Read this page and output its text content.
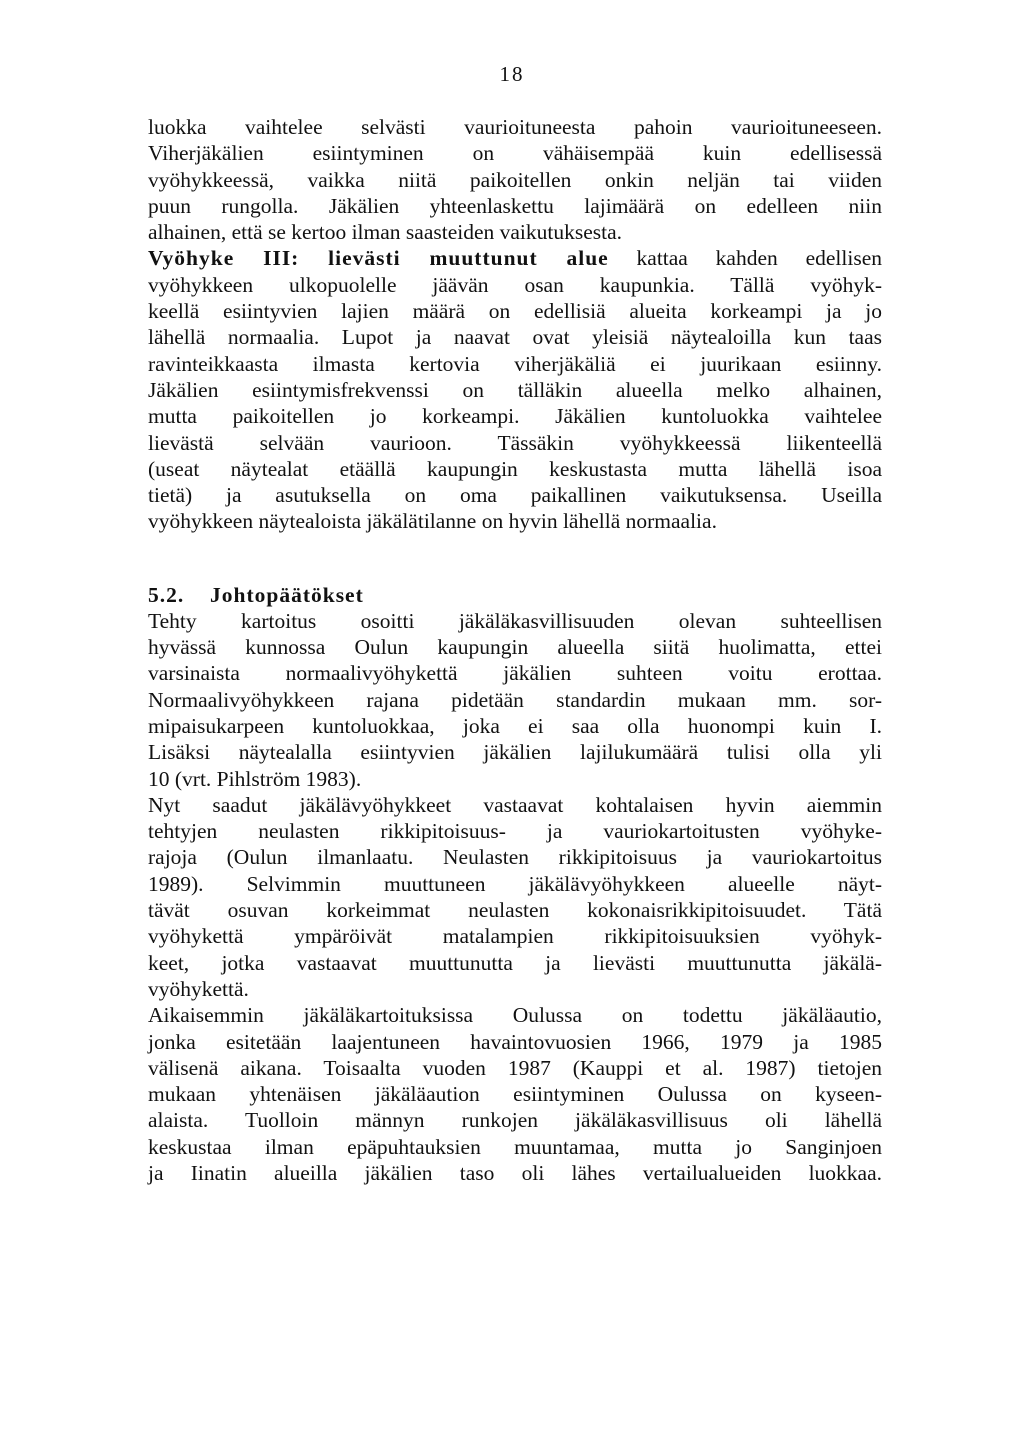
18

luokka vaihtelee selvästi vaurioituneesta pahoin vaurioituneeseen.
Viherjäkälien esiintyminen on vähäisempää kuin edellisessä
vyöhykkeessä, vaikka niitä paikoitellen onkin neljän tai viiden
puun rungolla. Jäkälien yhteenlaskettu lajimäärä on edelleen niin
alhainen, että se kertoo ilman saasteiden vaikutuksesta.

Vyöhyke III: lievästi muuttunut alue kattaa kahden edellisen
vyöhykkeen ulkopuolelle jäävän osan kaupunkia. Tällä vyöhyk-
keellä esiintyvien lajien määrä on edellisiä alueita korkeampi ja jo
lähellä normaalia. Lupot ja naavat ovat yleisiä näytealoilla kun taas
ravinteikkaasta ilmasta kertovia viherjäkäliä ei juurikaan esiinny.
Jäkälien esiintymisfrekvenssi on tälläkin alueella melko alhainen,
mutta paikoitellen jo korkeampi. Jäkälien kuntoluokka vaihtelee
lievästä selvään vaurioon. Tässäkin vyöhykkeessä liikenteellä
(useat näytealat etäällä kaupungin keskustasta mutta lähellä isoa
tietä) ja asutuksella on oma paikallinen vaikutuksensa. Useilla
vyöhykkeen näytealoista jäkälätilanne on hyvin lähellä normaalia.

5.2. Johtopäätökset

Tehty kartoitus osoitti jäkäläkasvillisuuden olevan suhteellisen
hyvässä kunnossa Oulun kaupungin alueella siitä huolimatta, ettei
varsinaista normaalivyöhykettä jäkälien suhteen voitu erottaa.
Normaalivyöhykkeen rajana pidetään standardin mukaan mm. sor-
mipaisukarpeen kuntoluokkaa, joka ei saa olla huonompi kuin I.
Lisäksi näytealalla esiintyvien jäkälien lajilukumäärä tulisi olla yli
10 (vrt. Pihlström 1983).

Nyt saadut jäkälävyöhykkeet vastaavat kohtalaisen hyvin aiemmin
tehtyjen neulasten rikkipitoisuus- ja vauriokartoitusten vyöhyke-
rajoja (Oulun ilmanlaatu. Neulasten rikkipitoisuus ja vauriokartoitus
1989). Selvimmin muuttuneen jäkälävyöhykkeen alueelle näyt-
tävät osuvan korkeimmat neulasten kokonaisrikkipitoisuudet. Tätä
vyöhykettä ympäröivät matalampien rikkipitoisuuksien vyöhyk-
keet, jotka vastaavat muuttunutta ja lievästi muuttunutta jäkälä-
vyöhykettä.

Aikaisemmin jäkäläkartoituksissa Oulussa on todettu jäkäläautio,
jonka esitetään laajentuneen havaintovuosien 1966, 1979 ja 1985
välisenä aikana. Toisaalta vuoden 1987 (Kauppi et al. 1987) tietojen
mukaan yhtenäisen jäkäläaution esiintyminen Oulussa on kyseen-
alaista. Tuolloin männyn runkojen jäkäläkasvillisuus oli lähellä
keskustaa ilman epäpuhtauksien muuntamaa, mutta jo Sanginjoen
ja Iinatin alueilla jäkälien taso oli lähes vertailualueiden luokkaa.
